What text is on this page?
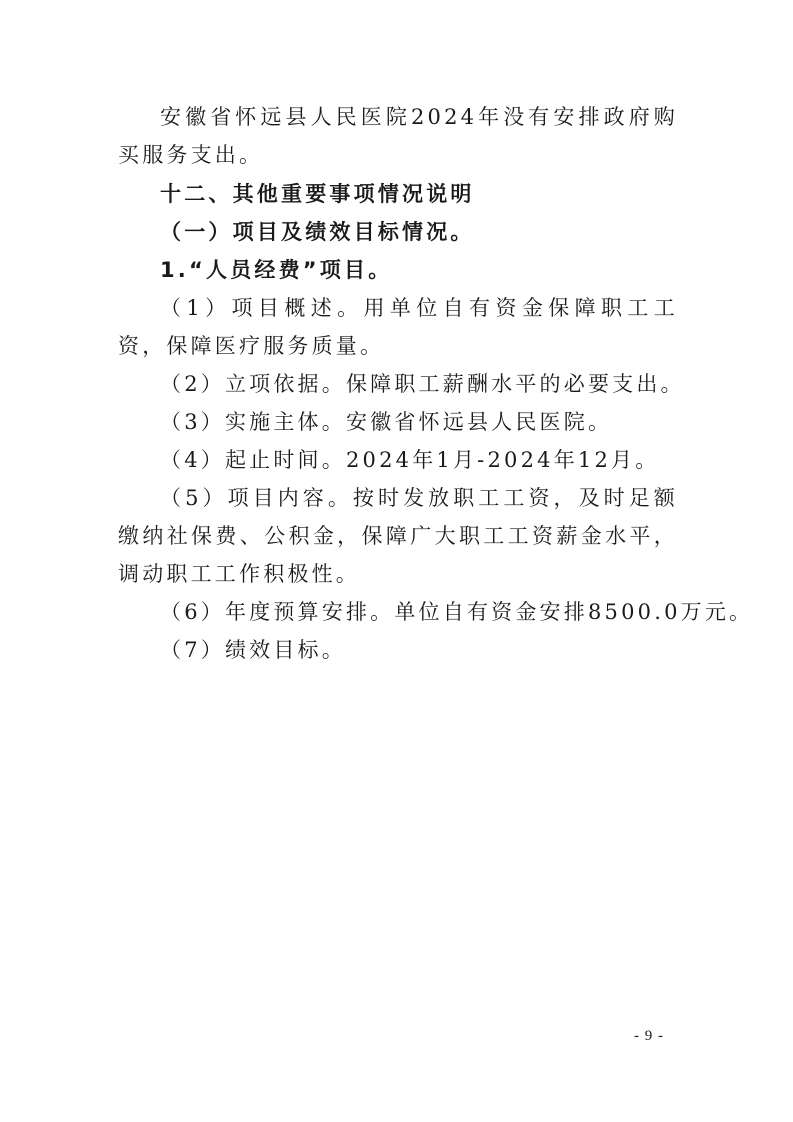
安徽省怀远县人民医院2024年没有安排政府购买服务支出。

十二、其他重要事项情况说明

（一）项目及绩效目标情况。

1.“人员经费”项目。

（1）项目概述。用单位自有资金保障职工工资，保障医疗服务质量。

（2）立项依据。保障职工薪酬水平的必要支出。

（3）实施主体。安徽省怀远县人民医院。

（4）起止时间。2024年1月-2024年12月。

（5）项目内容。按时发放职工工资，及时足额缴纳社保费、公积金，保障广大职工工资薪金水平，调动职工工作积极性。

（6）年度预算安排。单位自有资金安排8500.0万元。

（7）绩效目标。

- 9 -
